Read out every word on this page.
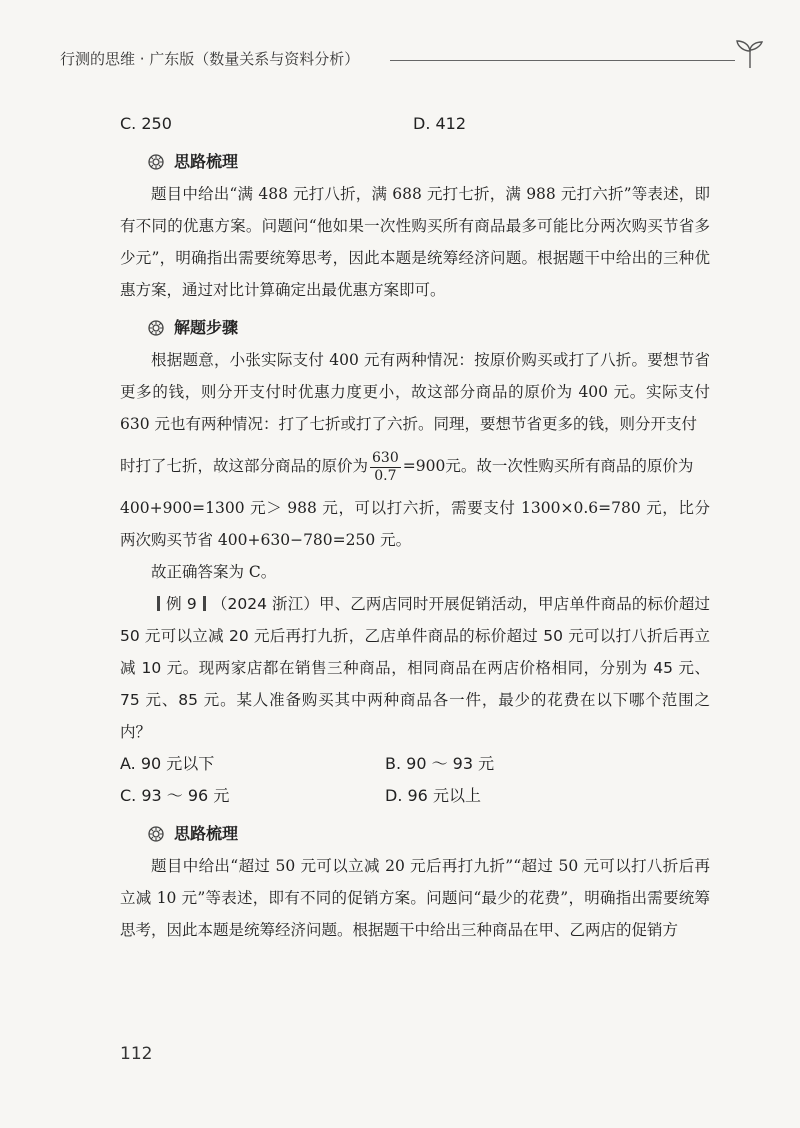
行测的思维 · 广东版（数量关系与资料分析）
C. 250	D. 412
思路梳理

题目中给出“满 488 元打八折，满 688 元打七折，满 988 元打六折”等表述，即有不同的优惠方案。问题问“他如果一次性购买所有商品最多可能比分两次购买节省多少元”，明确指出需要统筹思考，因此本题是统筹经济问题。根据题干中给出的三种优惠方案，通过对比计算确定出最优惠方案即可。

解题步骤

根据题意，小张实际支付 400 元有两种情况：按原价购买或打了八折。要想节省更多的钱，则分开支付时优惠力度更小，故这部分商品的原价为 400 元。实际支付 630 元也有两种情况：打了七折或打了六折。同理，要想节省更多的钱，则分开支付

时打了七折，故这部分商品的原价为 $\frac{630}{0.7} =900$元。故一次性购买所有商品的原价为

400+900=1300 元＞ 988 元，可以打六折，需要支付 1300×0.6=780 元，比分两次购买节省 400+630−780=250 元。

故正确答案为 C。

例 9 （2024 浙江）甲、乙两店同时开展促销活动，甲店单件商品的标价超过 50 元可以立减 20 元后再打九折，乙店单件商品的标价超过 50 元可以打八折后再立减 10 元。现两家店都在销售三种商品，相同商品在两店价格相同，分别为 45 元、75 元、85 元。某人准备购买其中两种商品各一件，最少的花费在以下哪个范围之内？

A. 90 元以下	B. 90 ～ 93 元
C. 93 ～ 96 元	D. 96 元以上
思路梳理

题目中给出“超过 50 元可以立减 20 元后再打九折”“超过 50 元可以打八折后再立减 10 元”等表述，即有不同的促销方案。问题问“最少的花费”，明确指出需要统筹思考，因此本题是统筹经济问题。根据题干中给出三种商品在甲、乙两店的促销方

112
